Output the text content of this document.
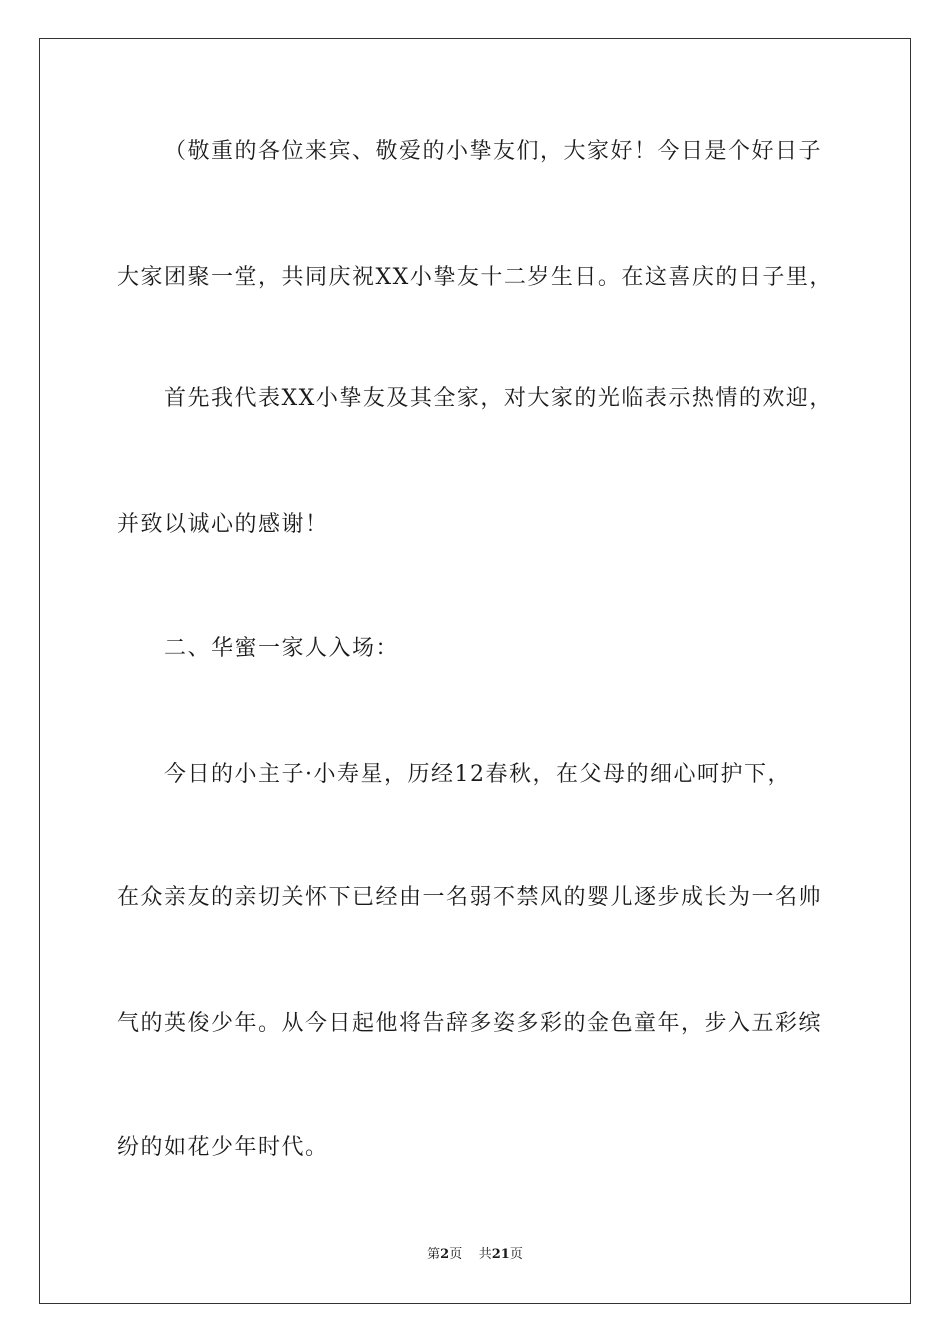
（敬重的各位来宾、敬爱的小挚友们，大家好！今日是个好日子
大家团聚一堂，共同庆祝XX小挚友十二岁生日。在这喜庆的日子里，
首先我代表XX小挚友及其全家，对大家的光临表示热情的欢迎，
并致以诚心的感谢！
二、华蜜一家人入场：
今日的小主子·小寿星，历经12春秋，在父母的细心呵护下，
在众亲友的亲切关怀下已经由一名弱不禁风的婴儿逐步成长为一名帅
气的英俊少年。从今日起他将告辞多姿多彩的金色童年，步入五彩缤
纷的如花少年时代。
第2页 共21页
